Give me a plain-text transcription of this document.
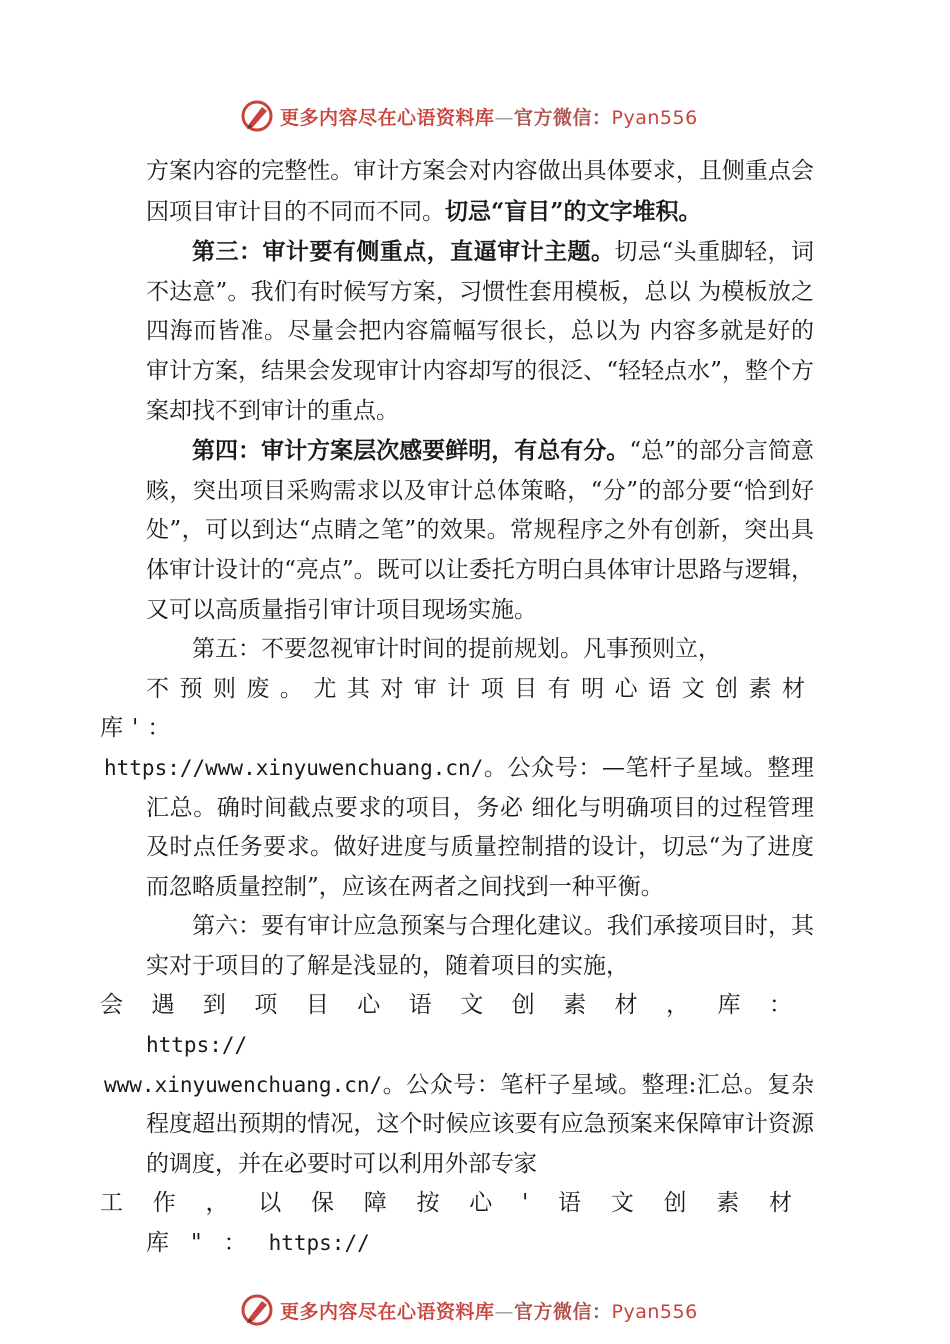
更多内容尽在心语资料库—官方微信：Pyan556

方案内容的完整性。审计方案会对内容做出具体要求，且侧重点会因项目审计目的不同而不同。切忌“盲目”的文字堆积。

第三：审计要有侧重点，直逼审计主题。切忌“头重脚轻，词不达意”。我们有时候写方案，习惯性套用模板，总以 为模板放之四海而皆准。尽量会把内容篇幅写很长，总以为 内容多就是好的审计方案，结果会发现审计内容却写的很泛、“轻轻点水”，整个方案却找不到审计的重点。

第四：审计方案层次感要鲜明，有总有分。“总”的部分言简意赅，突出项目采购需求以及审计总体策略，“分”的部分要“恰到好处”，可以到达“点睛之笔”的效果。常规程序之外有创新，突出具体审计设计的“亮点”。既可以让委托方明白具体审计思路与逻辑，又可以高质量指引审计项目现场实施。

第五：不要忽视审计时间的提前规划。凡事预则立，
不预则废。尤其对审计项目有明心语文创素材库'：
https://www.xinyuwenchuang.cn/。公众号：—笔杆子星域。整理汇总。确时间截点要求的项目，务必 细化与明确项目的过程管理及时点任务要求。做好进度与质量控制措的设计，切忌“为了进度而忽略质量控制”，应该在两者之间找到一种平衡。

第六：要有审计应急预案与合理化建议。我们承接项目时，其实对于项目的了解是浅显的，随着项目的实施，
会遇到项目心语文创素材，库：https://
www.xinyuwenchuang.cn/。公众号：笔杆子星域。整理:汇总。复杂程度超出预期的情况，这个时候应该要有应急预案来保障审计资源的调度，并在必要时可以利用外部专家
工作，以保障按心'语文创素材库"：https://

更多内容尽在心语资料库—官方微信：Pyan556
